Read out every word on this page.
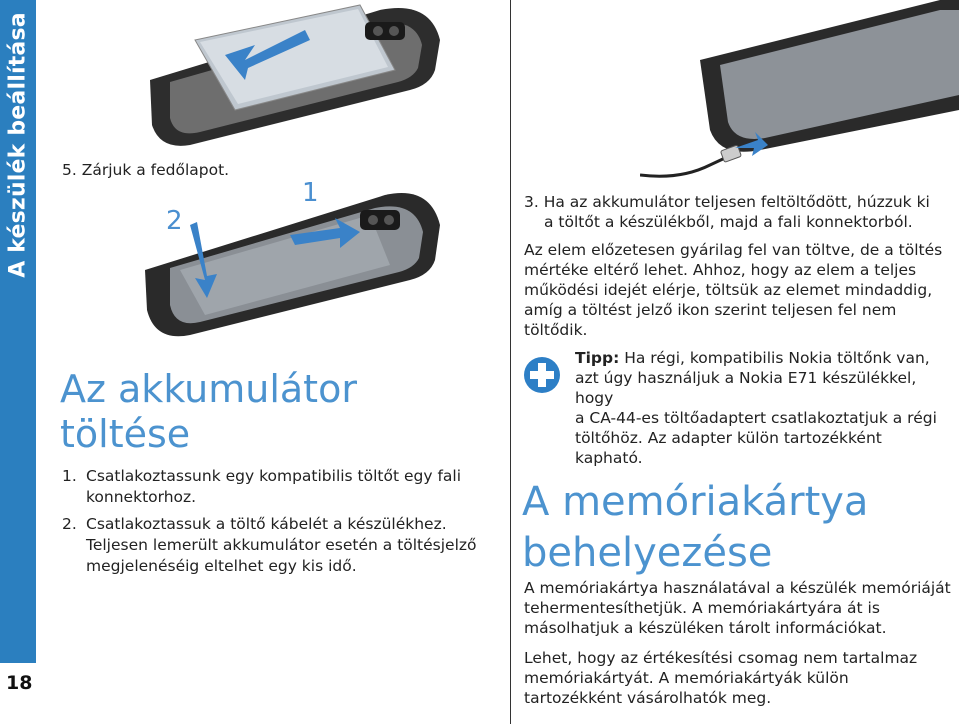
A készülék beállítása
18
5. Zárjuk a fedőlapot.
1
2
Az akkumulátor
töltése
1. Csatlakoztassunk egy kompatibilis töltőt egy fali
konnektorhoz.
2. Csatlakoztassuk a töltő kábelét a készülékhez.
Teljesen lemerült akkumulátor esetén a töltésjelző
megjelenéséig eltelhet egy kis idő.
3. Ha az akkumulátor teljesen feltöltődött, húzzuk ki
a töltőt a készülékből, majd a fali konnektorból.
Az elem előzetesen gyárilag fel van töltve, de a töltés
mértéke eltérő lehet. Ahhoz, hogy az elem a teljes
működési idejét elérje, töltsük az elemet mindaddig,
amíg a töltést jelző ikon szerint teljesen fel nem
töltődik.
Tipp: Ha régi, kompatibilis Nokia töltőnk van,
azt úgy használjuk a Nokia E71 készülékkel, hogy
a CA-44-es töltőadaptert csatlakoztatjuk a régi
töltőhöz. Az adapter külön tartozékként
kapható.
A memóriakártya
behelyezése
A memóriakártya használatával a készülék memóriáját
tehermentesíthetjük. A memóriakártyára át is
másolhatjuk a készüléken tárolt információkat.
Lehet, hogy az értékesítési csomag nem tartalmaz
memóriakártyát. A memóriakártyák külön
tartozékként vásárolhatók meg.
